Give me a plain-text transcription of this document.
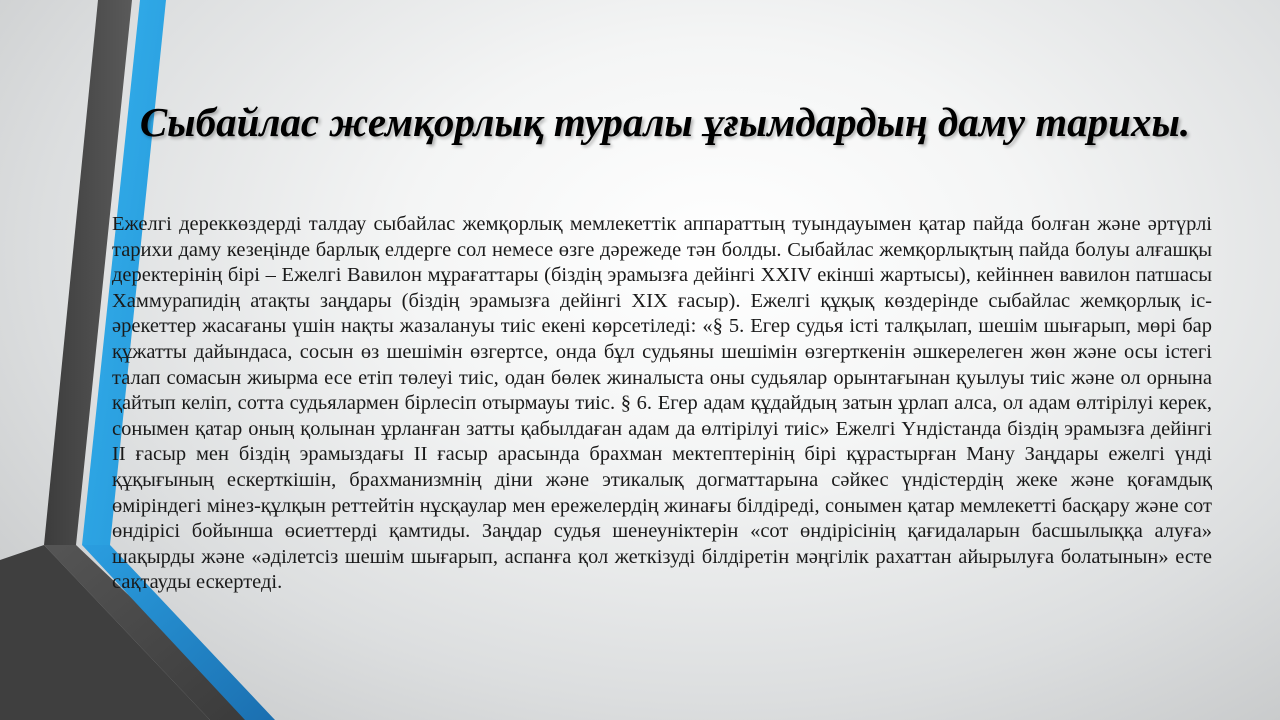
Сыбайлас жемқорлық туралы ұғымдардың даму тарихы.

Ежелгі дереккөздерді талдау сыбайлас жемқорлық мемлекеттік аппараттың туындауымен қатар пайда болған және әртүрлі тарихи даму кезеңінде барлық елдерге сол немесе өзге дәрежеде тән болды. Сыбайлас жемқорлықтың пайда болуы алғашқы деректерінің бірі – Ежелгі Вавилон мұрағаттары (біздің эрамызға дейінгі XXIV екінші жартысы), кейіннен вавилон патшасы Хаммурапидің атақты заңдары (біздің эрамызға дейінгі XIX ғасыр). Ежелгі құқық көздерінде сыбайлас жемқорлық іс-әрекеттер жасағаны үшін нақты жазалануы тиіс екені көрсетіледі: «§ 5. Егер судья істі талқылап, шешім шығарып, мөрі бар құжатты дайындаса, сосын өз шешімін өзгертсе, онда бұл судьяны шешімін өзгерткенін әшкерелеген жөн және осы істегі талап сомасын жиырма есе етіп төлеуі тиіс, одан бөлек жиналыста оны судьялар орынтағынан қуылуы тиіс және ол орнына қайтып келіп, сотта судьялармен бірлесіп отырмауы тиіс. § 6. Егер адам құдайдың затын ұрлап алса, ол адам өлтірілуі керек, сонымен қатар оның қолынан ұрланған затты қабылдаған адам да өлтірілуі тиіс» Ежелгі Үндістанда біздің эрамызға дейінгі II ғасыр мен біздің эрамыздағы II ғасыр арасында брахман мектептерінің бірі құрастырған Ману Заңдары ежелгі үнді құқығының ескерткішін, брахманизмнің діни және этикалық догматтарына сәйкес үндістердің жеке және қоғамдық өміріндегі мінез-құлқын реттейтін нұсқаулар мен ережелердің жинағы білдіреді, сонымен қатар мемлекетті басқару және сот өндірісі бойынша өсиеттерді қамтиды. Заңдар судья шенеуніктерін «сот өндірісінің қағидаларын басшылыққа алуға» шақырды және «әділетсіз шешім шығарып, аспанға қол жеткізуді білдіретін мәңгілік рахаттан айырылуға болатынын» есте сақтауды ескертеді.
